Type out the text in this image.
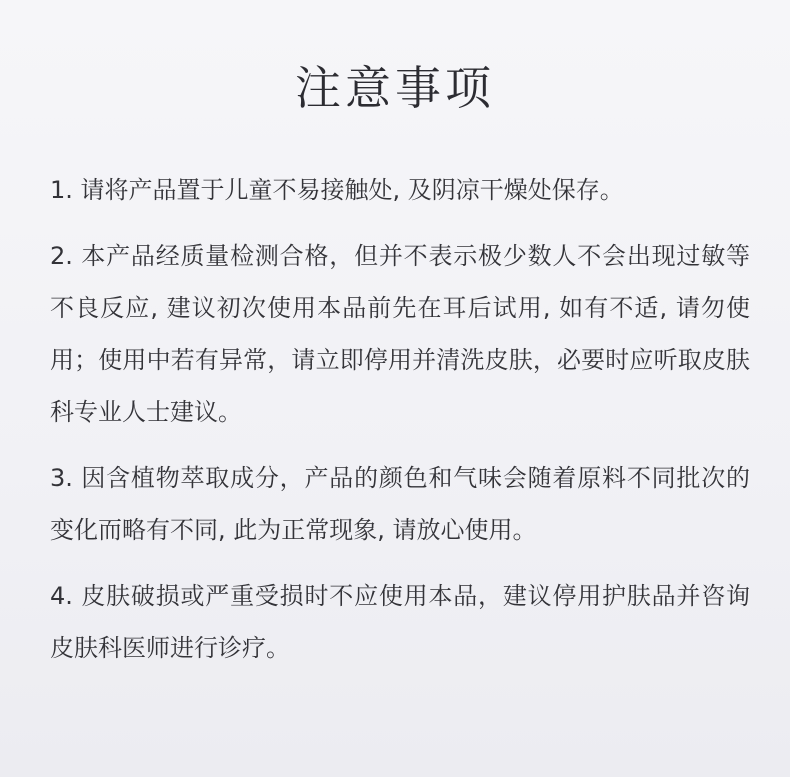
注意事项
1. 请将产品置于儿童不易接触处, 及阴凉干燥处保存。
2. 本产品经质量检测合格，但并不表示极少数人不会出现过敏等不良反应, 建议初次使用本品前先在耳后试用, 如有不适, 请勿使用；使用中若有异常，请立即停用并清洗皮肤，必要时应听取皮肤科专业人士建议。
3. 因含植物萃取成分，产品的颜色和气味会随着原料不同批次的变化而略有不同, 此为正常现象, 请放心使用。
4. 皮肤破损或严重受损时不应使用本品，建议停用护肤品并咨询皮肤科医师进行诊疗。
